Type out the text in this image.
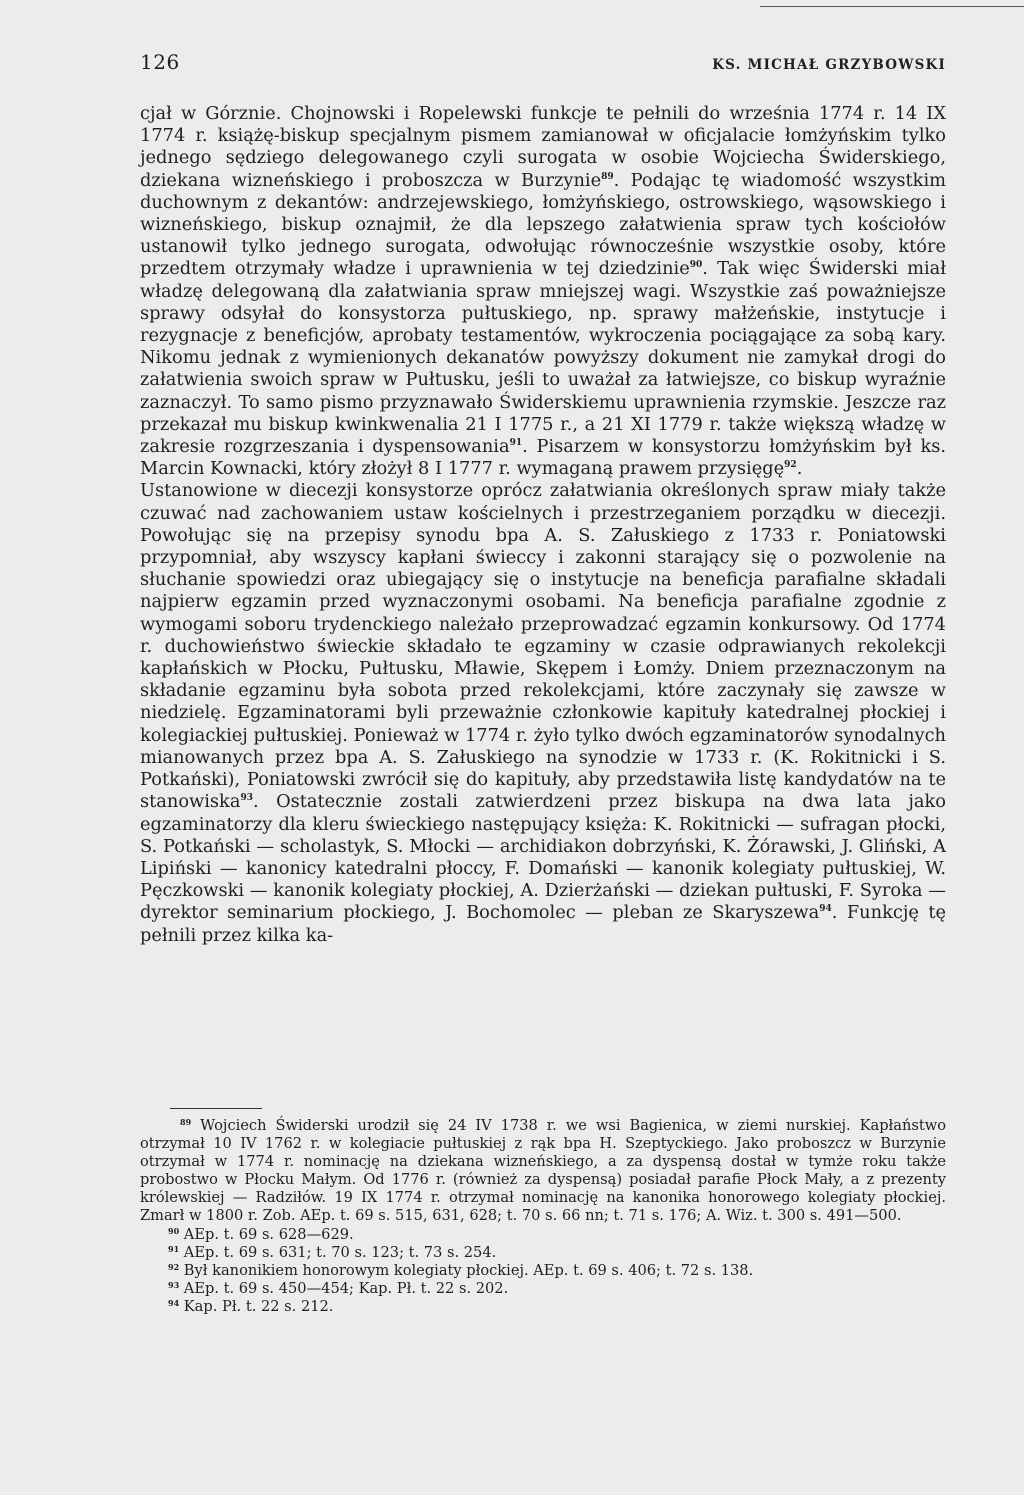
126	KS. MICHAŁ GRZYBOWSKI

cjał w Górznie. Chojnowski i Ropelewski funkcje te pełnili do września 1774 r. 14 IX 1774 r. książę-biskup specjalnym pismem zamianował w oficjalacie łomżyńskim tylko jednego sędziego delegowanego czyli surogata w osobie Wojciecha Świderskiego, dziekana wizneńskiego i proboszcza w Burzynie$^{89}$. Podając tę wiadomość wszystkim duchownym z dekantów: andrzejewskiego, łomżyńskiego, ostrowskiego, wąsowskiego i wizneńskiego, biskup oznajmił, że dla lepszego załatwienia spraw tych kościołów ustanowił tylko jednego surogata, odwołując równocześnie wszystkie osoby, które przedtem otrzymały władze i uprawnienia w tej dziedzinie$^{90}$. Tak więc Świderski miał władzę delegowaną dla załatwiania spraw mniejszej wagi. Wszystkie zaś poważniejsze sprawy odsyłał do konsystorza pułtuskiego, np. sprawy małżeńskie, instytucje i rezygnacje z beneficjów, aprobaty testamentów, wykroczenia pociągające za sobą kary. Nikomu jednak z wymienionych dekanatów powyższy dokument nie zamykał drogi do załatwienia swoich spraw w Pułtusku, jeśli to uważał za łatwiejsze, co biskup wyraźnie zaznaczył. To samo pismo przyznawało Świderskiemu uprawnienia rzymskie. Jeszcze raz przekazał mu biskup kwinkwenalia 21 I 1775 r., a 21 XI 1779 r. także większą władzę w zakresie rozgrzeszania i dyspensowania$^{91}$. Pisarzem w konsystorzu łomżyńskim był ks. Marcin Kownacki, który złożył 8 I 1777 r. wymaganą prawem przysięgę$^{92}$.

Ustanowione w diecezji konsystorze oprócz załatwiania określonych spraw miały także czuwać nad zachowaniem ustaw kościelnych i przestrzeganiem porządku w diecezji. Powołując się na przepisy synodu bpa A. S. Załuskiego z 1733 r. Poniatowski przypomniał, aby wszyscy kapłani świeccy i zakonni starający się o pozwolenie na słuchanie spowiedzi oraz ubiegający się o instytucje na beneficja parafialne składali najpierw egzamin przed wyznaczonymi osobami. Na beneficja parafialne zgodnie z wymogami soboru trydenckiego należało przeprowadzać egzamin konkursowy. Od 1774 r. duchowieństwo świeckie składało te egzaminy w czasie odprawianych rekolekcji kapłańskich w Płocku, Pułtusku, Mławie, Skępem i Łomży. Dniem przeznaczonym na składanie egzaminu była sobota przed rekolekcjami, które zaczynały się zawsze w niedzielę. Egzaminatorami byli przeważnie członkowie kapituły katedralnej płockiej i kolegiackiej pułtuskiej. Ponieważ w 1774 r. żyło tylko dwóch egzaminatorów synodalnych mianowanych przez bpa A. S. Załuskiego na synodzie w 1733 r. (K. Rokitnicki i S. Potkański), Poniatowski zwrócił się do kapituły, aby przedstawiła listę kandydatów na te stanowiska$^{93}$. Ostatecznie zostali zatwierdzeni przez biskupa na dwa lata jako egzaminatorzy dla kleru świeckiego następujący księża: K. Rokitnicki — sufragan płocki, S. Potkański — scholastyk, S. Młocki — archidiakon dobrzyński, K. Żórawski, J. Gliński, A Lipiński — kanonicy katedralni płoccy, F. Domański — kanonik kolegiaty pułtuskiej, W. Pęczkowski — kanonik kolegiaty płockiej, A. Dzierżański — dziekan pułtuski, F. Syroka — dyrektor seminarium płockiego, J. Bochomolec — pleban ze Skaryszewa$^{94}$. Funkcję tę pełnili przez kilka ka-

$^{89}$ Wojciech Świderski urodził się 24 IV 1738 r. we wsi Bagienica, w ziemi nurskiej. Kapłaństwo otrzymał 10 IV 1762 r. w kolegiacie pułtuskiej z rąk bpa H. Szeptyckiego. Jako proboszcz w Burzynie otrzymał w 1774 r. nominację na dziekana wizneńskiego, a za dyspensą dostał w tymże roku także probostwo w Płocku Małym. Od 1776 r. (również za dyspensą) posiadał parafie Płock Mały, a z prezenty królewskiej — Radziłów. 19 IX 1774 r. otrzymał nominację na kanonika honorowego kolegiaty płockiej. Zmarł w 1800 r. Zob. AEp. t. 69 s. 515, 631, 628; t. 70 s. 66 nn; t. 71 s. 176; A. Wiz. t. 300 s. 491—500.

$^{90}$ AEp. t. 69 s. 628—629.

$^{91}$ AEp. t. 69 s. 631; t. 70 s. 123; t. 73 s. 254.

$^{92}$ Był kanonikiem honorowym kolegiaty płockiej. AEp. t. 69 s. 406; t. 72 s. 138.

$^{93}$ AEp. t. 69 s. 450—454; Kap. Pł. t. 22 s. 202.

$^{94}$ Kap. Pł. t. 22 s. 212.
